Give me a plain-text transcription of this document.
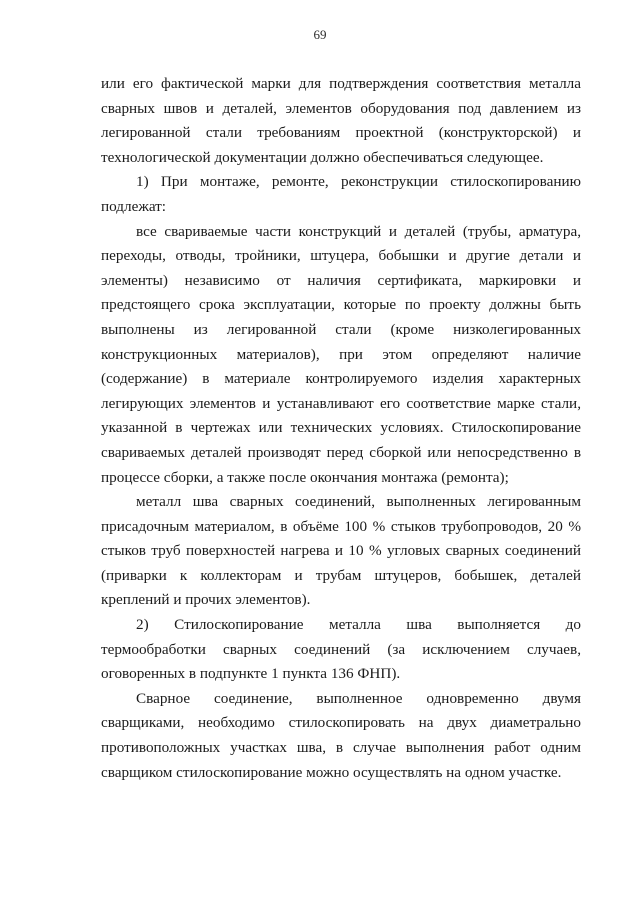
69

или его фактической марки для подтверждения соответствия металла сварных швов и деталей, элементов оборудования под давлением из легированной стали требованиям проектной (конструкторской) и технологической документации должно обеспечиваться следующее.

1) При монтаже, ремонте, реконструкции стилоскопированию подлежат:

все свариваемые части конструкций и деталей (трубы, арматура, переходы, отводы, тройники, штуцера, бобышки и другие детали и элементы) независимо от наличия сертификата, маркировки и предстоящего срока эксплуатации, которые по проекту должны быть выполнены из легированной стали (кроме низколегированных конструкционных материалов), при этом определяют наличие (содержание) в материале контролируемого изделия характерных легирующих элементов и устанавливают его соответствие марке стали, указанной в чертежах или технических условиях. Стилоскопирование свариваемых деталей производят перед сборкой или непосредственно в процессе сборки, а также после окончания монтажа (ремонта);

металл шва сварных соединений, выполненных легированным присадочным материалом, в объёме 100 % стыков трубопроводов, 20 % стыков труб поверхностей нагрева и 10 % угловых сварных соединений (приварки к коллекторам и трубам штуцеров, бобышек, деталей креплений и прочих элементов).

2) Стилоскопирование металла шва выполняется до термообработки сварных соединений (за исключением случаев, оговоренных в подпункте 1 пункта 136 ФНП).

Сварное соединение, выполненное одновременно двумя сварщиками, необходимо стилоскопировать на двух диаметрально противоположных участках шва, в случае выполнения работ одним сварщиком стилоскопирование можно осуществлять на одном участке.
